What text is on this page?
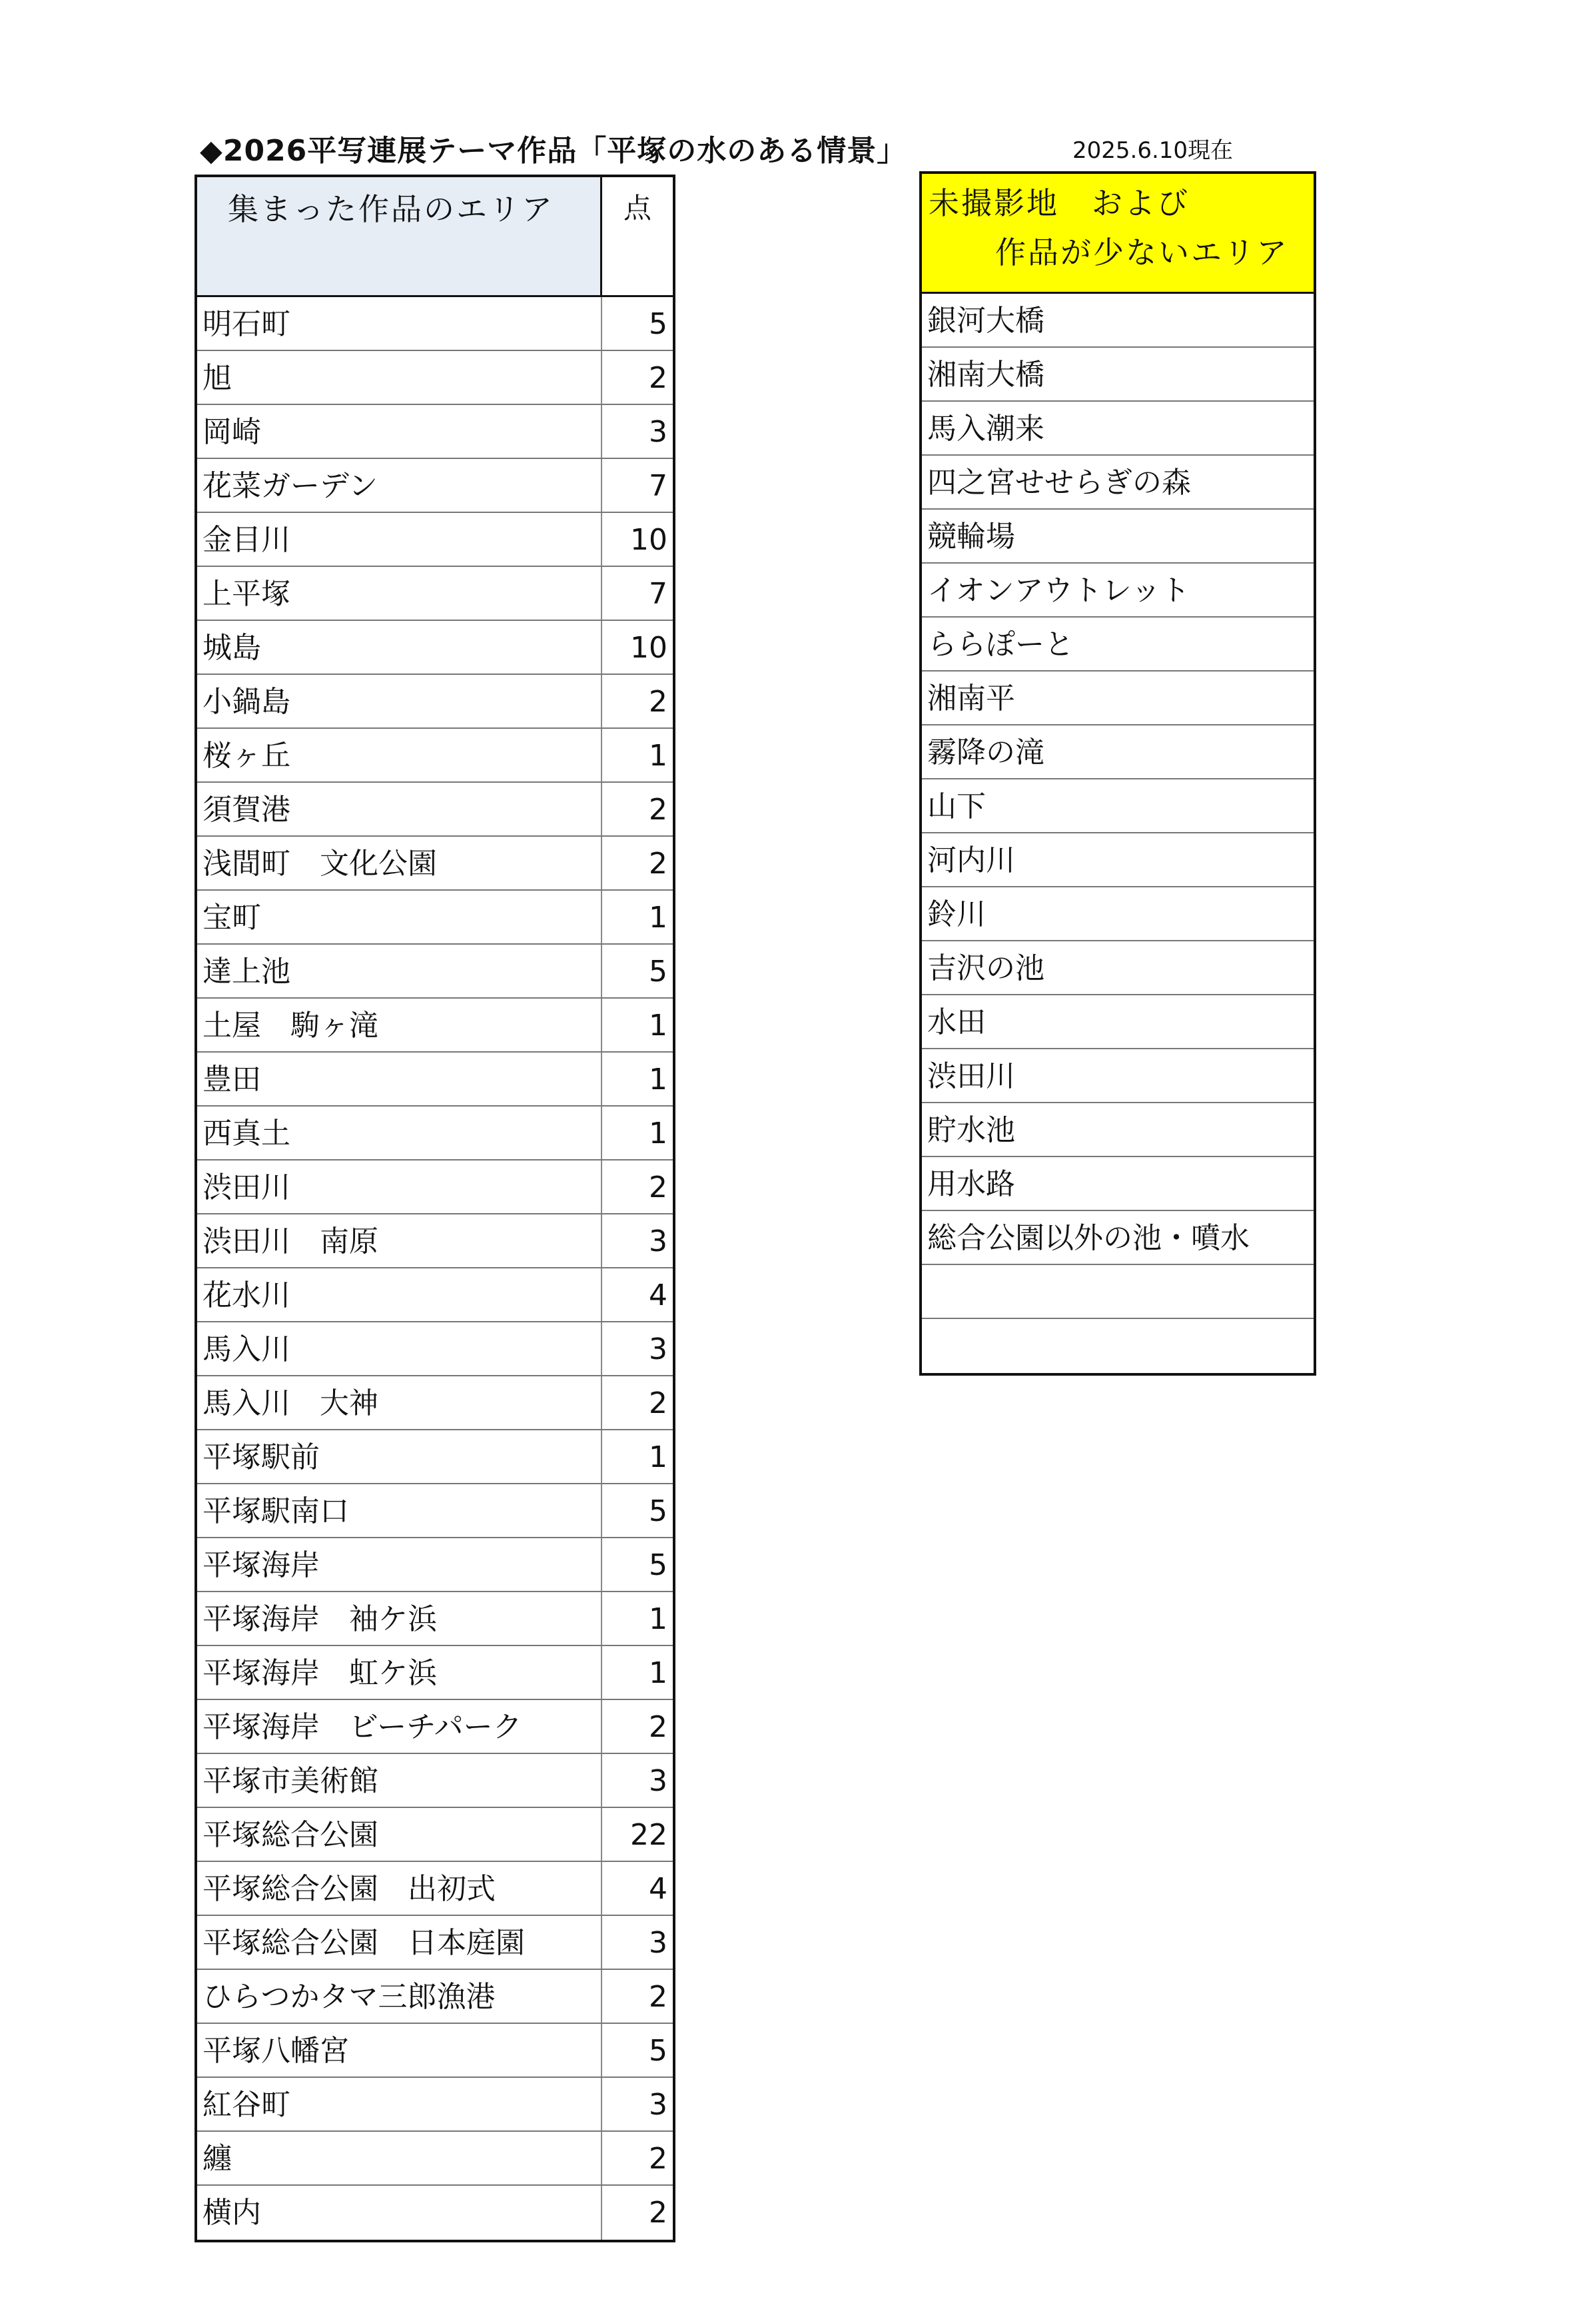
◆2026平写連展テーマ作品「平塚の水のある情景」	2025.6.10現在
集まった作品のエリア	点
明石町	5
旭	2
岡崎	3
花菜ガーデン	7
金目川	10
上平塚	7
城島	10
小鍋島	2
桜ヶ丘	1
須賀港	2
浅間町　文化公園	2
宝町	1
達上池	5
土屋　駒ヶ滝	1
豊田	1
西真土	1
渋田川	2
渋田川　南原	3
花水川	4
馬入川	3
馬入川　大神	2
平塚駅前	1
平塚駅南口	5
平塚海岸	5
平塚海岸　袖ケ浜	1
平塚海岸　虹ケ浜	1
平塚海岸　ビーチパーク	2
平塚市美術館	3
平塚総合公園	22
平塚総合公園　出初式	4
平塚総合公園　日本庭園	3
ひらつかタマ三郎漁港	2
平塚八幡宮	5
紅谷町	3
纏	2
横内	2
未撮影地　および
作品が少ないエリア
銀河大橋
湘南大橋
馬入潮来
四之宮せせらぎの森
競輪場
イオンアウトレット
ららぽーと
湘南平
霧降の滝
山下
河内川
鈴川
吉沢の池
水田
渋田川
貯水池
用水路
総合公園以外の池・噴水
